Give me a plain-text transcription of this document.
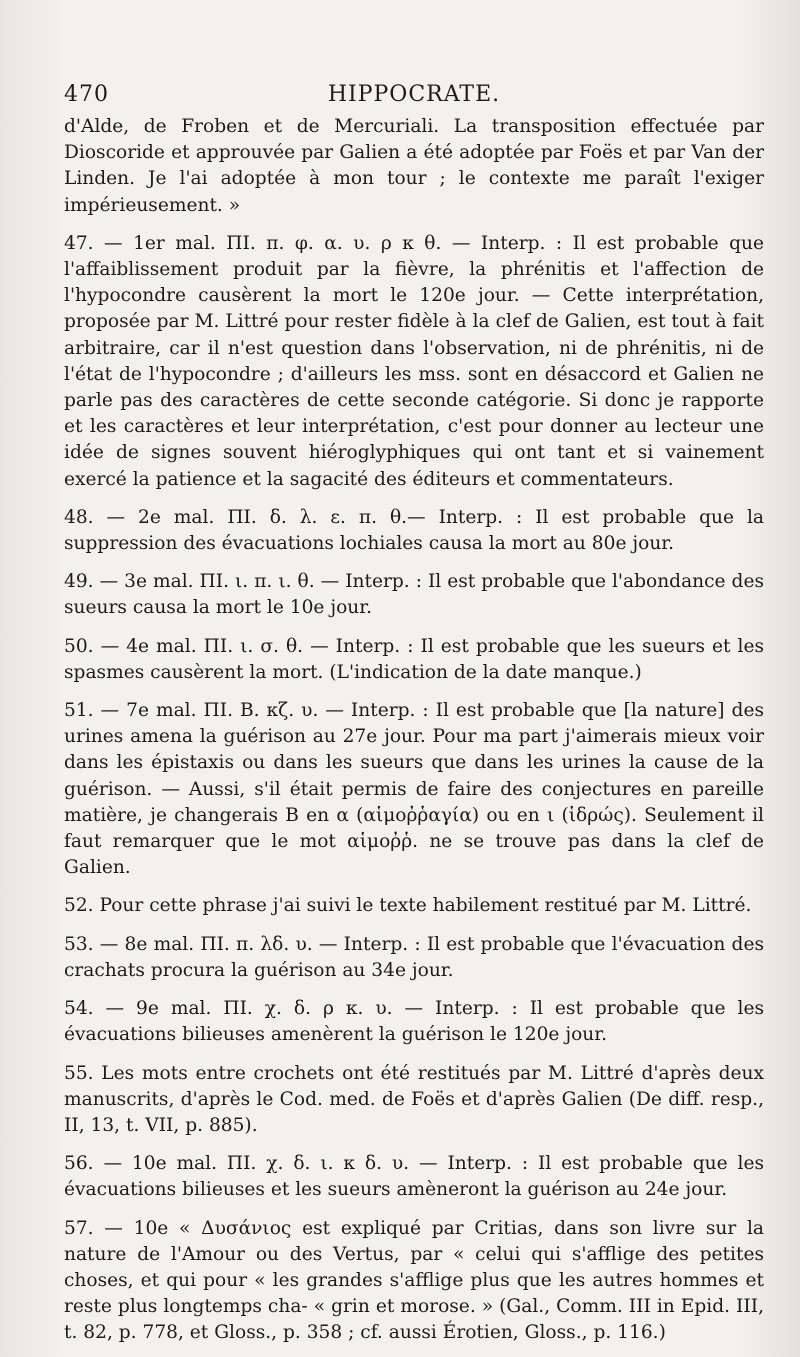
470	HIPPOCRATE.

d'Alde, de Froben et de Mercuriali. La transposition effectuée par Dioscoride et approuvée par Galien a été adoptée par Foës et par Van der Linden. Je l'ai adoptée à mon tour ; le contexte me paraît l'exiger impérieusement. »

47. — 1er mal. ΠΙ. π. φ. α. υ. ρ κ θ. — Interp. : Il est probable que l'affaiblissement produit par la fièvre, la phrénitis et l'affection de l'hypocondre causèrent la mort le 120e jour. — Cette interprétation, proposée par M. Littré pour rester fidèle à la clef de Galien, est tout à fait arbitraire, car il n'est question dans l'observation, ni de phrénitis, ni de l'état de l'hypocondre ; d'ailleurs les mss. sont en désaccord et Galien ne parle pas des caractères de cette seconde catégorie. Si donc je rapporte et les caractères et leur interprétation, c'est pour donner au lecteur une idée de signes souvent hiéroglyphiques qui ont tant et si vainement exercé la patience et la sagacité des éditeurs et commentateurs.

48. — 2e mal. ΠΙ. δ. λ. ε. π. θ.— Interp. : Il est probable que la suppression des évacuations lochiales causa la mort au 80e jour.

49. — 3e mal. ΠΙ. ι. π. ι. θ. — Interp. : Il est probable que l'abondance des sueurs causa la mort le 10e jour.

50. — 4e mal. ΠΙ. ι. σ. θ. — Interp. : Il est probable que les sueurs et les spasmes causèrent la mort. (L'indication de la date manque.)

51. — 7e mal. ΠΙ. Β. κζ. υ. — Interp. : Il est probable que [la nature] des urines amena la guérison au 27e jour. Pour ma part j'aimerais mieux voir dans les épistaxis ou dans les sueurs que dans les urines la cause de la guérison. — Aussi, s'il était permis de faire des conjectures en pareille matière, je changerais Β en α (αἱμοῤῥαγία) ou en ι (ἱδρώς). Seulement il faut remarquer que le mot αἱμοῤῥ. ne se trouve pas dans la clef de Galien.

52. Pour cette phrase j'ai suivi le texte habilement restitué par M. Littré.

53. — 8e mal. ΠΙ. π. λδ. υ. — Interp. : Il est probable que l'évacuation des crachats procura la guérison au 34e jour.

54. — 9e mal. ΠΙ. χ. δ. ρ κ. υ. — Interp. : Il est probable que les évacuations bilieuses amenèrent la guérison le 120e jour.

55. Les mots entre crochets ont été restitués par M. Littré d'après deux manuscrits, d'après le Cod. med. de Foës et d'après Galien (De diff. resp., II, 13, t. VII, p. 885).

56. — 10e mal. ΠΙ. χ. δ. ι. κ δ. υ. — Interp. : Il est probable que les évacuations bilieuses et les sueurs amèneront la guérison au 24e jour.

57. — 10e « Δυσάνιος est expliqué par Critias, dans son livre sur la nature de l'Amour ou des Vertus, par « celui qui s'afflige des petites choses, et qui pour « les grandes s'afflige plus que les autres hommes et reste plus longtemps cha- « grin et morose. » (Gal., Comm. III in Epid. III, t. 82, p. 778, et Gloss., p. 358 ; cf. aussi Érotien, Gloss., p. 116.)
